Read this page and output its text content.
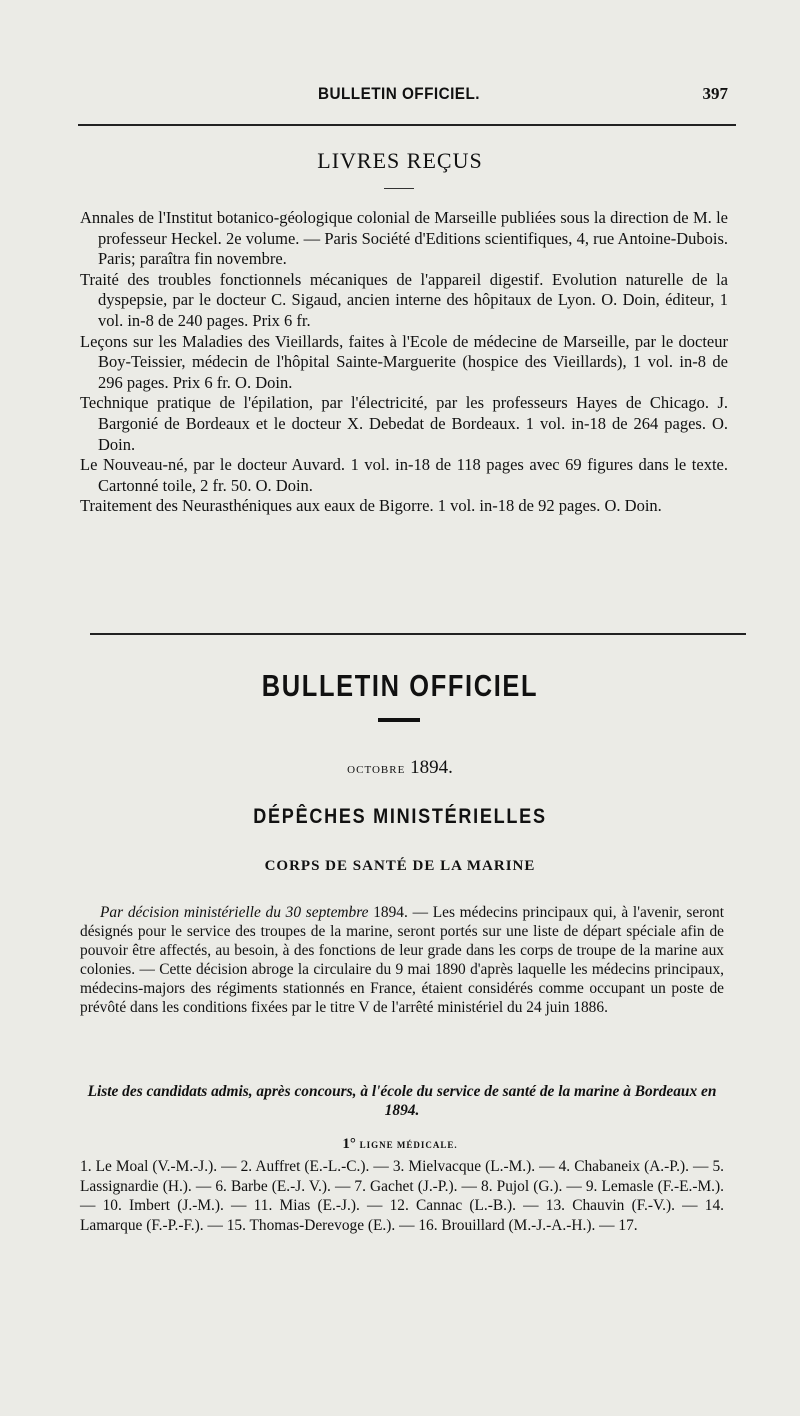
BULLETIN OFFICIEL.	397
LIVRES REÇUS

Annales de l'Institut botanico-géologique colonial de Marseille publiées sous la direction de M. le professeur Heckel. 2e volume. — Paris Société d'Editions scientifiques, 4, rue Antoine-Dubois. Paris; paraîtra fin novembre.

Traité des troubles fonctionnels mécaniques de l'appareil digestif. Evolution naturelle de la dyspepsie, par le docteur C. Sigaud, ancien interne des hôpitaux de Lyon. O. Doin, éditeur, 1 vol. in-8 de 240 pages. Prix 6 fr.

Leçons sur les Maladies des Vieillards, faites à l'Ecole de médecine de Marseille, par le docteur Boy-Teissier, médecin de l'hôpital Sainte-Marguerite (hospice des Vieillards), 1 vol. in-8 de 296 pages. Prix 6 fr. O. Doin.

Technique pratique de l'épilation, par l'électricité, par les professeurs Hayes de Chicago. J. Bargonié de Bordeaux et le docteur X. Debedat de Bordeaux. 1 vol. in-18 de 264 pages. O. Doin.

Le Nouveau-né, par le docteur Auvard. 1 vol. in-18 de 118 pages avec 69 figures dans le texte. Cartonné toile, 2 fr. 50. O. Doin.

Traitement des Neurasthéniques aux eaux de Bigorre. 1 vol. in-18 de 92 pages. O. Doin.

BULLETIN OFFICIEL
OCTOBRE 1894.
DÉPÊCHES MINISTÉRIELLES
CORPS DE SANTÉ DE LA MARINE

Par décision ministérielle du 30 septembre 1894. — Les médecins principaux qui, à l'avenir, seront désignés pour le service des troupes de la marine, seront portés sur une liste de départ spéciale afin de pouvoir être affectés, au besoin, à des fonctions de leur grade dans les corps de troupe de la marine aux colonies. — Cette décision abroge la circulaire du 9 mai 1890 d'après laquelle les médecins principaux, médecins-majors des régiments stationnés en France, étaient considérés comme occupant un poste de prévôté dans les conditions fixées par le titre V de l'arrêté ministériel du 24 juin 1886.

Liste des candidats admis, après concours, à l'école du service de santé de la marine à Bordeaux en 1894.

1° LIGNE MÉDICALE.

1. Le Moal (V.-M.-J.). — 2. Auffret (E.-L.-C.). — 3. Mielvacque (L.-M.). — 4. Chabaneix (A.-P.). — 5. Lassignardie (H.). — 6. Barbe (E.-J. V.). — 7. Gachet (J.-P.). — 8. Pujol (G.). — 9. Lemasle (F.-E.-M.). — 10. Imbert (J.-M.). — 11. Mias (E.-J.). — 12. Cannac (L.-B.). — 13. Chauvin (F.-V.). — 14. Lamarque (F.-P.-F.). — 15. Thomas-Derevoge (E.). — 16. Brouillard (M.-J.-A.-H.). — 17.
